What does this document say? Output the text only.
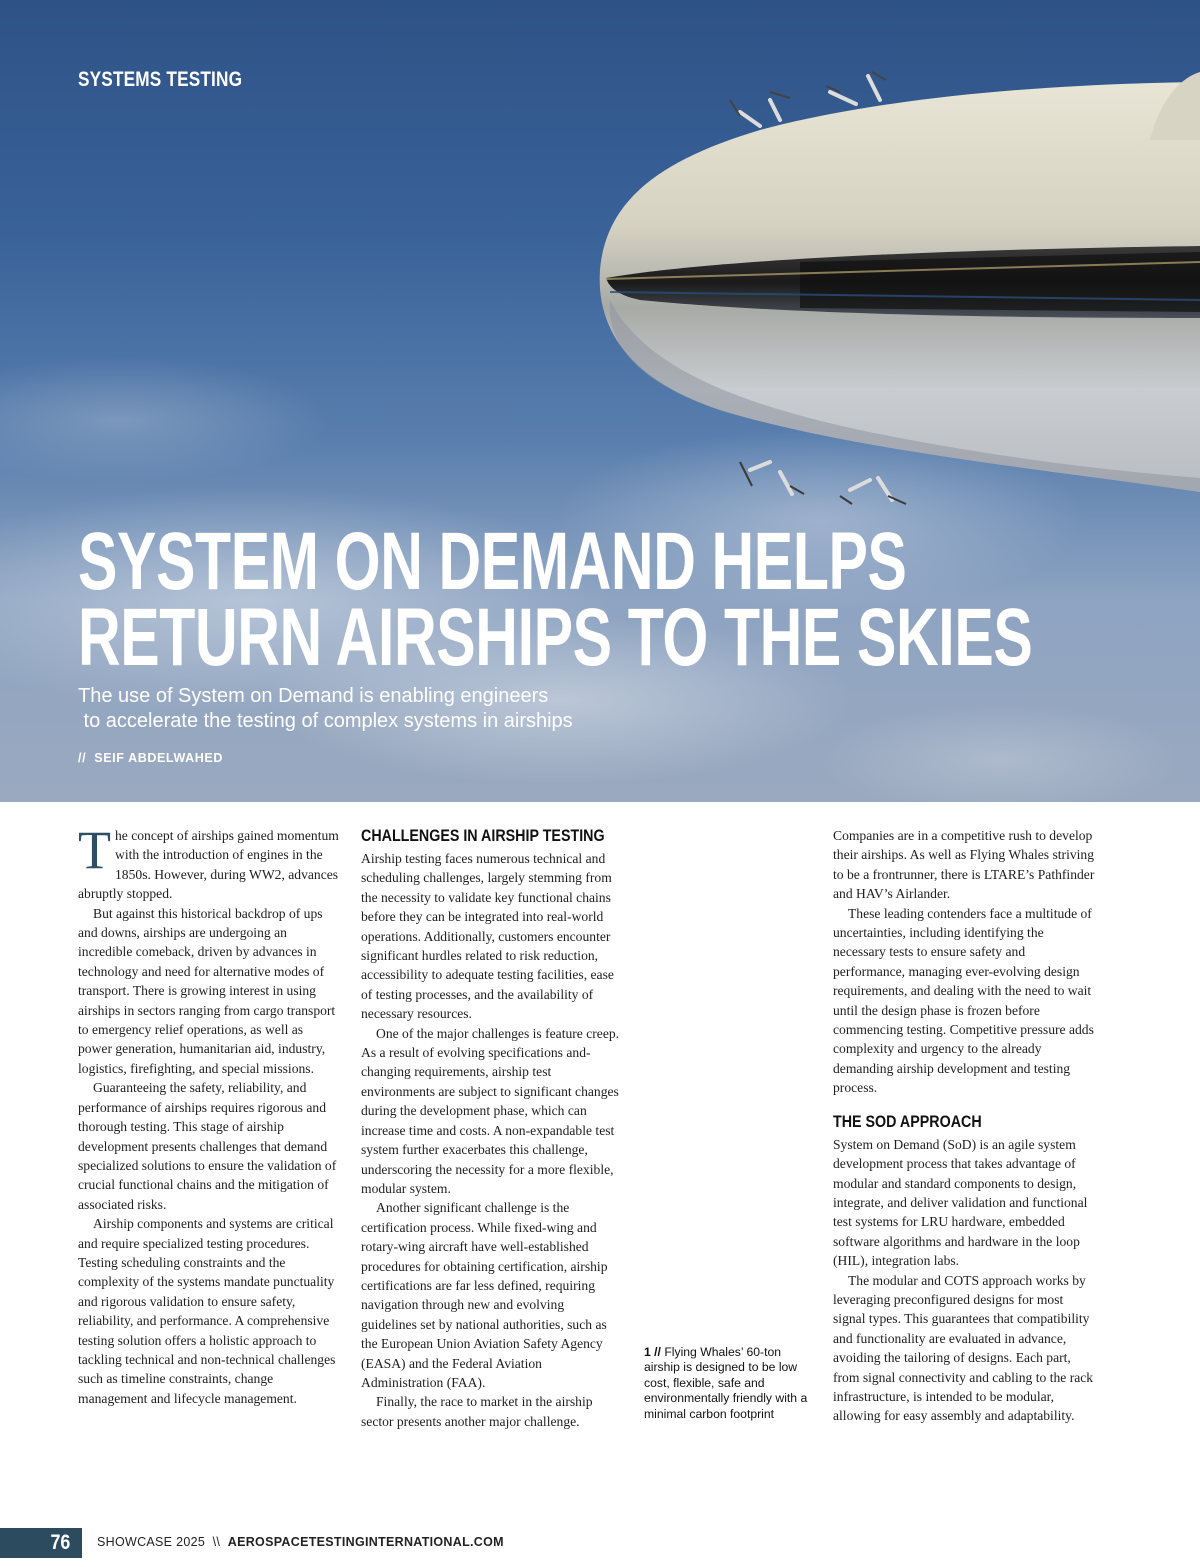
SYSTEMS TESTING
SYSTEM ON DEMAND HELPS
RETURN AIRSHIPS TO THE SKIES
The use of System on Demand is enabling engineers
to accelerate the testing of complex systems in airships
//  SEIF ABDELWAHED

The concept of airships gained momentum with the introduction of engines in the 1850s. However, during WW2, advances abruptly stopped.

But against this historical backdrop of ups and downs, airships are undergoing an incredible comeback, driven by advances in technology and need for alternative modes of transport. There is growing interest in using airships in sectors ranging from cargo transport to emergency relief operations, as well as power generation, humanitarian aid, industry, logistics, firefighting, and special missions.

Guaranteeing the safety, reliability, and performance of airships requires rigorous and thorough testing. This stage of airship development presents challenges that demand specialized solutions to ensure the validation of crucial functional chains and the mitigation of associated risks.

Airship components and systems are critical and require specialized testing procedures. Testing scheduling constraints and the complexity of the systems mandate punctuality and rigorous validation to ensure safety, reliability, and performance. A comprehensive testing solution offers a holistic approach to tackling technical and non-technical challenges such as timeline constraints, change management and lifecycle management.

CHALLENGES IN AIRSHIP TESTING

Airship testing faces numerous technical and scheduling challenges, largely stemming from the necessity to validate key functional chains before they can be integrated into real-world operations. Additionally, customers encounter significant hurdles related to risk reduction, accessibility to adequate testing facilities, ease of testing processes, and the availability of necessary resources.

One of the major challenges is feature creep. As a result of evolving specifications and-changing requirements, airship test environments are subject to significant changes during the development phase, which can increase time and costs. A non-expandable test system further exacerbates this challenge, underscoring the necessity for a more flexible, modular system.

Another significant challenge is the certification process. While fixed-wing and rotary-wing aircraft have well-established procedures for obtaining certification, airship certifications are far less defined, requiring navigation through new and evolving guidelines set by national authorities, such as the European Union Aviation Safety Agency (EASA) and the Federal Aviation Administration (FAA).

Finally, the race to market in the airship sector presents another major challenge.

1 // Flying Whales’ 60-ton airship is designed to be low cost, flexible, safe and environmentally friendly with a minimal carbon footprint

Companies are in a competitive rush to develop their airships. As well as Flying Whales striving to be a frontrunner, there is LTARE’s Pathfinder and HAV’s Airlander.

These leading contenders face a multitude of uncertainties, including identifying the necessary tests to ensure safety and performance, managing ever-evolving design requirements, and dealing with the need to wait until the design phase is frozen before commencing testing. Competitive pressure adds complexity and urgency to the already demanding airship development and testing process.

THE SOD APPROACH

System on Demand (SoD) is an agile system development process that takes advantage of modular and standard components to design, integrate, and deliver validation and functional test systems for LRU hardware, embedded software algorithms and hardware in the loop (HIL), integration labs.

The modular and COTS approach works by leveraging preconfigured designs for most signal types. This guarantees that compatibility and functionality are evaluated in advance, avoiding the tailoring of designs. Each part, from signal connectivity and cabling to the rack infrastructure, is intended to be modular, allowing for easy assembly and adaptability.

76 SHOWCASE 2025  \\  AEROSPACETESTINGINTERNATIONAL.COM
